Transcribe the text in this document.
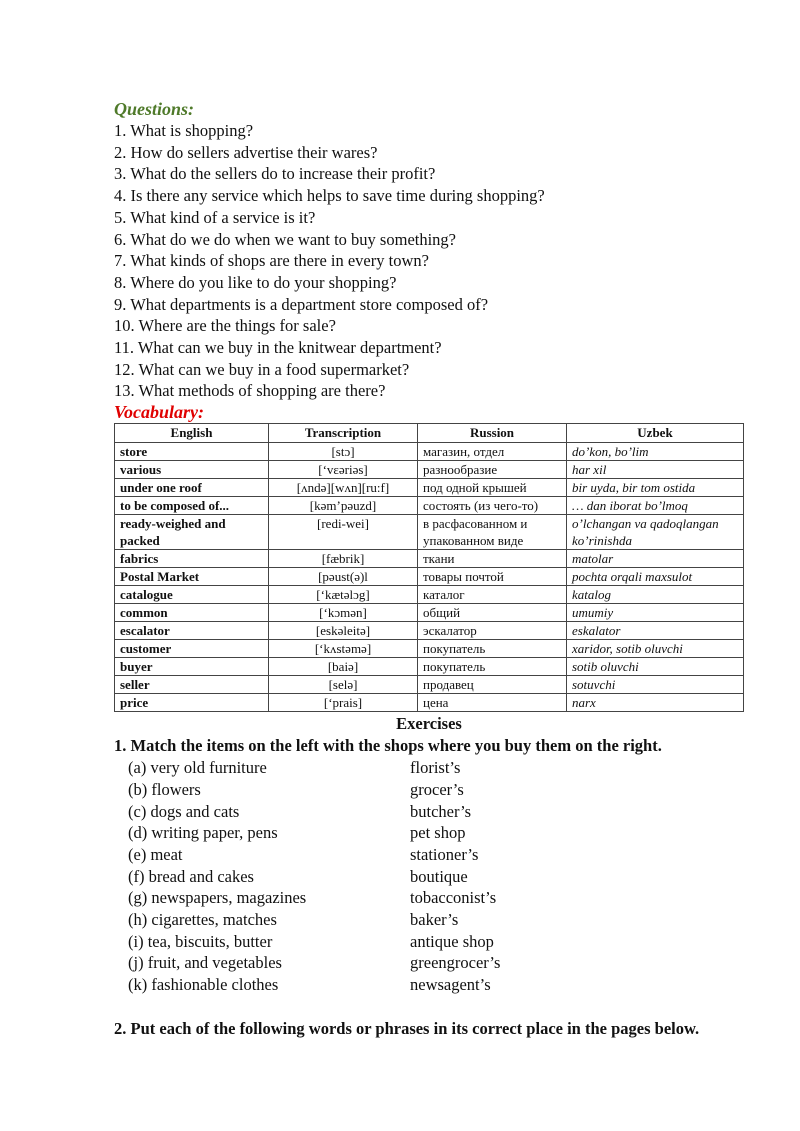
Questions:
1. What is shopping?
2. How do sellers advertise their wares?
3. What do the sellers do to increase their profit?
4. Is there any service which helps to save time during shopping?
5. What kind of a service is it?
6. What do we do when we want to buy something?
7. What kinds of shops are there in every town?
8. Where do you like to do your shopping?
9. What departments is a department store composed of?
10. Where are the things for sale?
11. What can we buy in the knitwear department?
12. What can we buy in a food supermarket?
13. What methods of shopping are there?
Vocabulary:
English	Transcription	Russion	Uzbek
store	[stɔ]	магазин, отдел	do’kon, bo’lim
various	[‘vεəriəs]	разнообразие	har xil
under one roof	[ʌndə][wʌn][ru:f]	под одной крышей	bir uyda, bir tom ostida
to be composed of...	[kəm’pəuzd]	состоять (из чего-то)	… dan iborat bo’lmoq
ready-weighed and packed	[redi-wei]	в расфасованном и упакованном виде	o’lchangan va qadoqlangan ko’rinishda
fabrics	[fæbrik]	ткани	matolar
Postal Market	[pəust(ə)l	товары почтой	pochta orqali maxsulot
catalogue	[‘kætəlɔg]	каталог	katalog
common	[‘kɔmən]	общий	umumiy
escalator	[eskəleitə]	эскалатор	eskalator
customer	[‘kʌstəmə]	покупатель	xaridor, sotib oluvchi
buyer	[baiə]	покупатель	sotib oluvchi
seller	[selə]	продавец	sotuvchi
price	[‘prais]	цена	narx
Exercises
1. Match the items on the left with the shops where you buy them on the right.
(a) very old furniture	florist’s
(b) flowers	grocer’s
(c) dogs and cats	butcher’s
(d) writing paper, pens	pet shop
(e) meat	stationer’s
(f) bread and cakes	boutique
(g) newspapers, magazines	tobacconist’s
(h) cigarettes, matches	baker’s
(i) tea, biscuits, butter	antique shop
(j) fruit, and vegetables	greengrocer’s
(k) fashionable clothes	newsagent’s
2. Put each of the following words or phrases in its correct place in the pages below.
